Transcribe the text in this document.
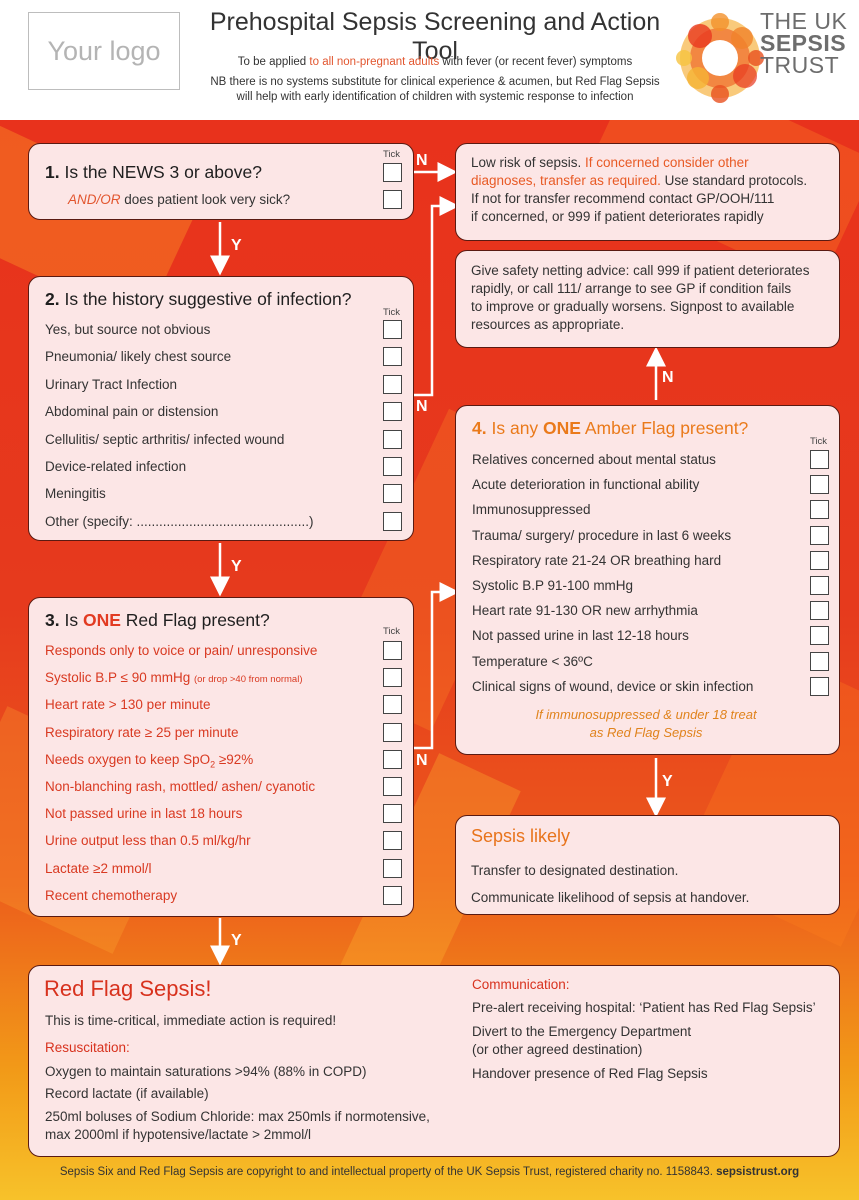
Your logo
Prehospital Sepsis Screening and Action Tool
To be applied to all non-pregnant adults with fever (or recent fever) symptoms
NB there is no systems substitute for clinical experience & acumen, but Red Flag Sepsis
will help with early identification of children with systemic response to infection
THE UK
SEPSIS
TRUST
Y
Y
Y
N
N
N
N
Y
1. Is the NEWS 3 or above?
Tick
AND/OR does patient look very sick?
Low risk of sepsis. If concerned consider other
diagnoses, transfer as required. Use standard protocols.
If not for transfer recommend contact GP/OOH/111
if concerned, or 999 if patient deteriorates rapidly
Give safety netting advice: call 999 if patient deteriorates
rapidly, or call 111/ arrange to see GP if condition fails
to improve or gradually worsens. Signpost to available
resources as appropriate.
2. Is the history suggestive of infection?
Tick
Yes, but source not obvious
Pneumonia/ likely chest source
Urinary Tract Infection
Abdominal pain or distension
Cellulitis/ septic arthritis/ infected wound
Device-related infection
Meningitis
Other (specify: ..............................................)
3. Is ONE Red Flag present?
Tick
Responds only to voice or pain/ unresponsive
Systolic B.P ≤ 90 mmHg (or drop >40 from normal)
Heart rate > 130 per minute
Respiratory rate ≥ 25 per minute
Needs oxygen to keep SpO$_2$ ≥92%
Non-blanching rash, mottled/ ashen/ cyanotic
Not passed urine in last 18 hours
Urine output less than 0.5 ml/kg/hr
Lactate ≥2 mmol/l
Recent chemotherapy
4. Is any ONE Amber Flag present?
Tick
Relatives concerned about mental status
Acute deterioration in functional ability
Immunosuppressed
Trauma/ surgery/ procedure in last 6 weeks
Respiratory rate 21-24 OR breathing hard
Systolic B.P 91-100 mmHg
Heart rate 91-130 OR new arrhythmia
Not passed urine in last 12-18 hours
Temperature < 36ºC
Clinical signs of wound, device or skin infection
If immunosuppressed & under 18 treat
as Red Flag Sepsis
Sepsis likely
Transfer to designated destination.
Communicate likelihood of sepsis at handover.
Red Flag Sepsis!
This is time-critical, immediate action is required!
Resuscitation:
Oxygen to maintain saturations >94% (88% in COPD)
Record lactate (if available)
250ml boluses of Sodium Chloride: max 250mls if normotensive,
max 2000ml if hypotensive/lactate > 2mmol/l
Communication:
Pre-alert receiving hospital: ‘Patient has Red Flag Sepsis’
Divert to the Emergency Department
(or other agreed destination)
Handover presence of Red Flag Sepsis
Sepsis Six and Red Flag Sepsis are copyright to and intellectual property of the UK Sepsis Trust, registered charity no. 1158843. sepsistrust.org
